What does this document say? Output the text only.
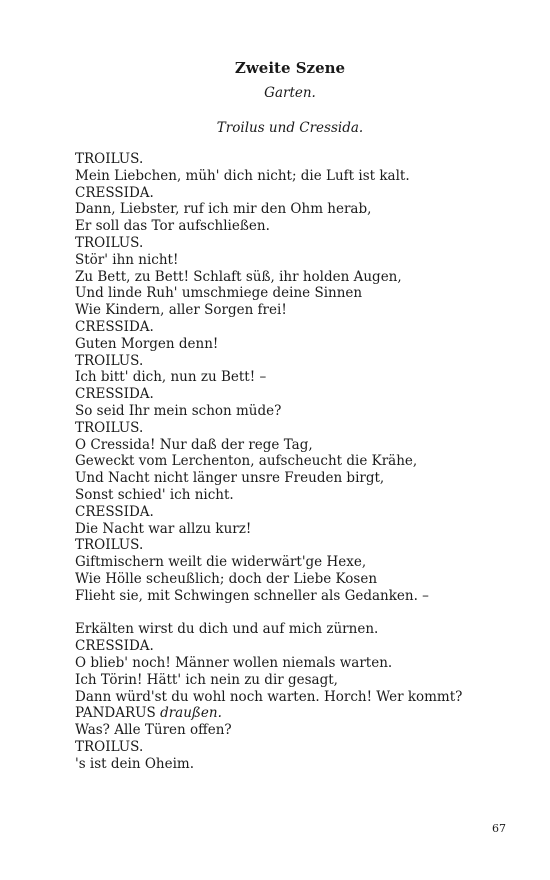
Zweite Szene
Garten.
Troilus und Cressida.
TROILUS.
Mein Liebchen, müh' dich nicht; die Luft ist kalt.
CRESSIDA.
Dann, Liebster, ruf ich mir den Ohm herab,
Er soll das Tor aufschließen.
TROILUS.
Stör' ihn nicht!
Zu Bett, zu Bett! Schlaft süß, ihr holden Augen,
Und linde Ruh' umschmiege deine Sinnen
Wie Kindern, aller Sorgen frei!
CRESSIDA.
Guten Morgen denn!
TROILUS.
Ich bitt' dich, nun zu Bett! –
CRESSIDA.
So seid Ihr mein schon müde?
TROILUS.
O Cressida! Nur daß der rege Tag,
Geweckt vom Lerchenton, aufscheucht die Krähe,
Und Nacht nicht länger unsre Freuden birgt,
Sonst schied' ich nicht.
CRESSIDA.
Die Nacht war allzu kurz!
TROILUS.
Giftmischern weilt die widerwärt'ge Hexe,
Wie Hölle scheußlich; doch der Liebe Kosen
Flieht sie, mit Schwingen schneller als Gedanken. –
Erkälten wirst du dich und auf mich zürnen.
CRESSIDA.
O blieb' noch! Männer wollen niemals warten.
Ich Törin! Hätt' ich nein zu dir gesagt,
Dann würd'st du wohl noch warten. Horch! Wer kommt?
PANDARUS draußen.
Was? Alle Türen offen?
TROILUS.
's ist dein Oheim.
67
